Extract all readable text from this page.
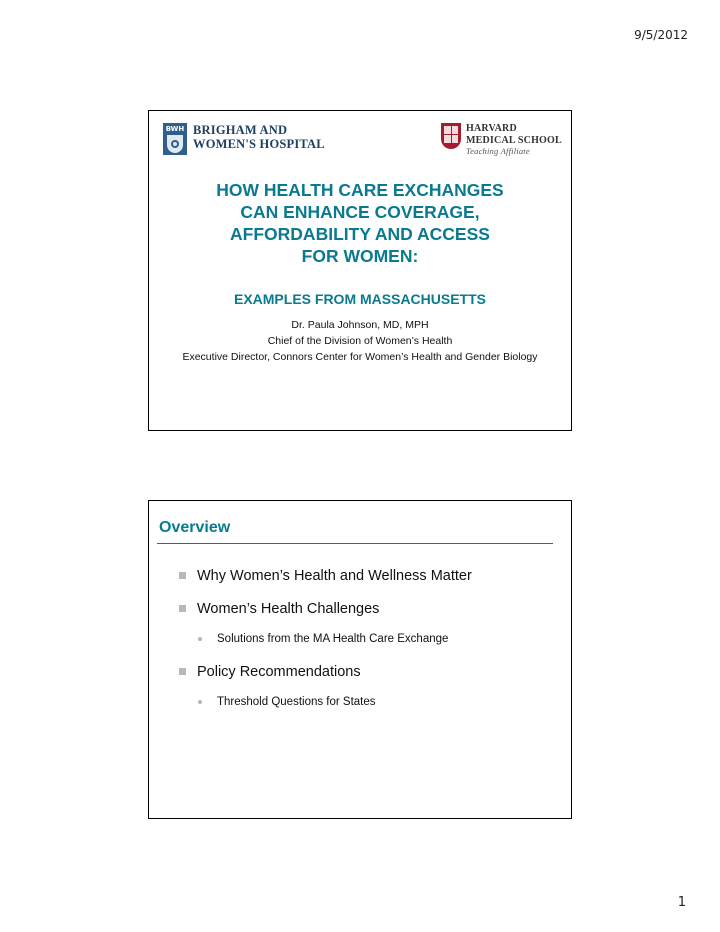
9/5/2012
BWH BRIGHAM AND
WOMEN'S HOSPITAL
HARVARD
MEDICAL SCHOOL
Teaching Affiliate
HOW HEALTH CARE EXCHANGES
CAN ENHANCE COVERAGE,
AFFORDABILITY AND ACCESS
FOR WOMEN:
EXAMPLES FROM MASSACHUSETTS
Dr. Paula Johnson, MD, MPH
Chief of the Division of Women’s Health
Executive Director, Connors Center for Women’s Health and Gender Biology
Overview
Why Women’s Health and Wellness Matter
Women’s Health Challenges
Solutions from the MA Health Care Exchange
Policy Recommendations
Threshold Questions for States
1
